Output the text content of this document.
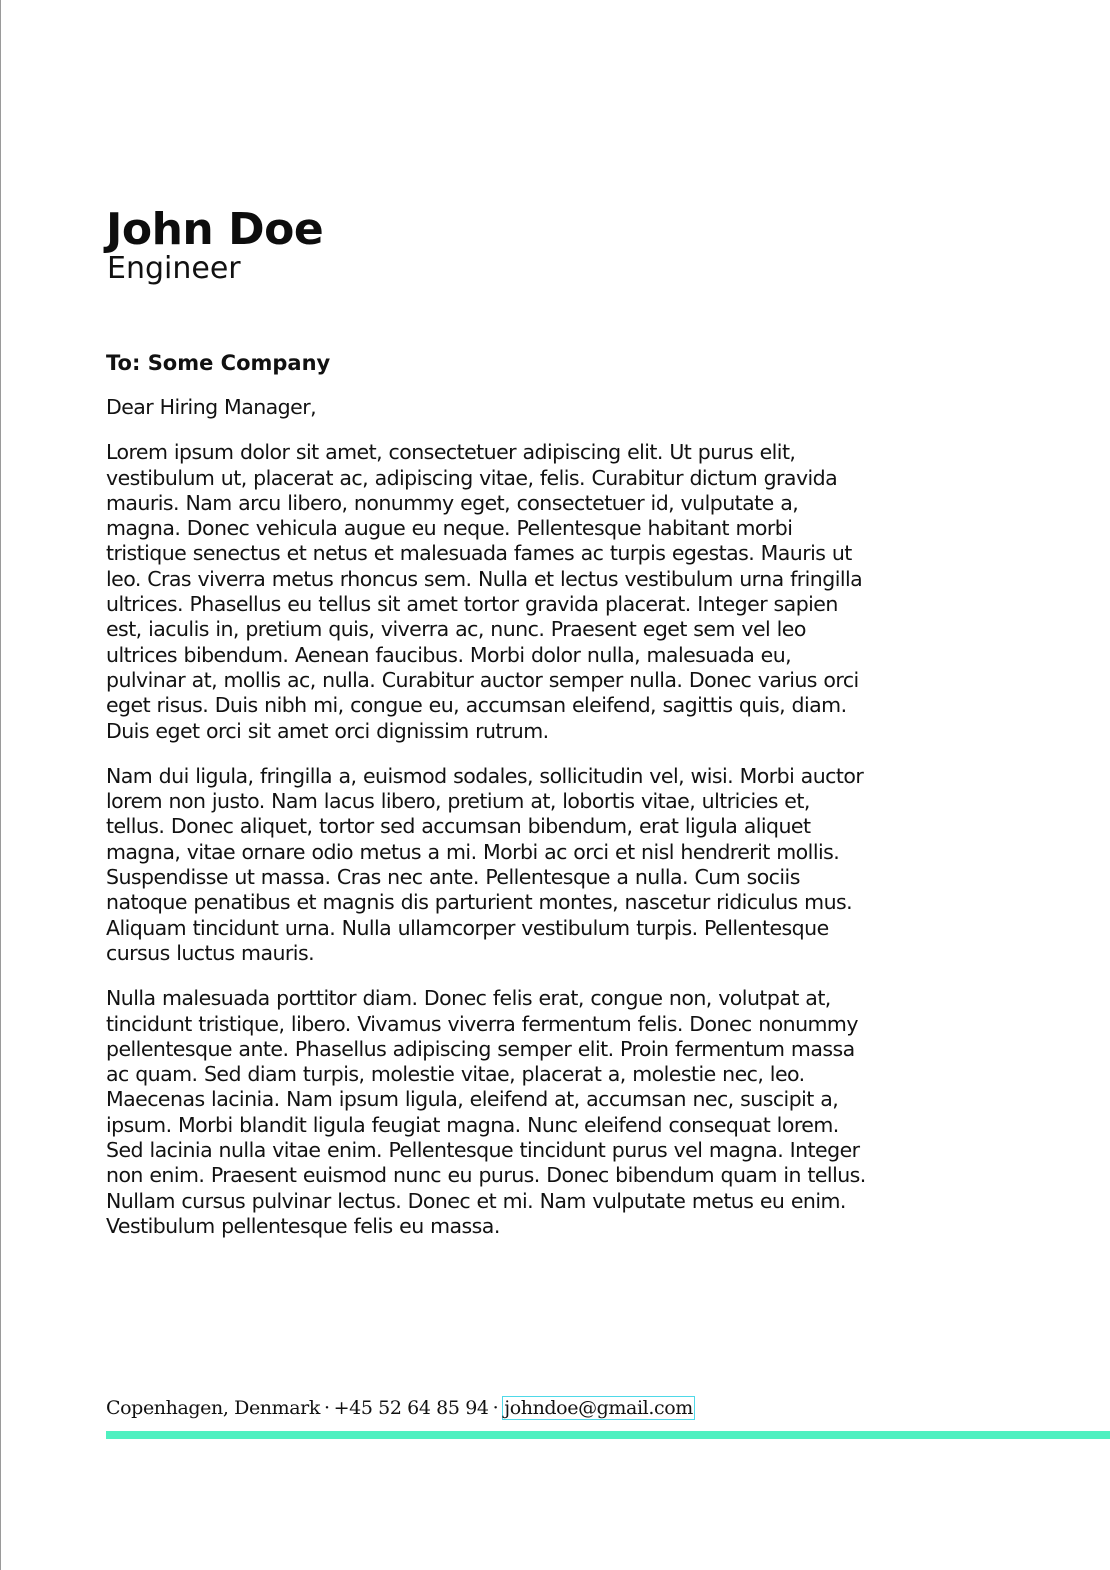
John Doe
Engineer
To: Some Company

Dear Hiring Manager,

Lorem ipsum dolor sit amet, consectetuer adipiscing elit. Ut purus elit, vestibulum ut, placerat ac, adipiscing vitae, felis. Curabitur dictum gravida mauris. Nam arcu libero, nonummy eget, consectetuer id, vulputate a, magna. Donec vehicula augue eu neque. Pellentesque habitant morbi tristique senectus et netus et malesuada fames ac turpis egestas. Mauris ut leo. Cras viverra metus rhoncus sem. Nulla et lectus vestibulum urna fringilla ultrices. Phasellus eu tellus sit amet tortor gravida placerat. Integer sapien est, iaculis in, pretium quis, viverra ac, nunc. Praesent eget sem vel leo ultrices bibendum. Aenean faucibus. Morbi dolor nulla, malesuada eu, pulvinar at, mollis ac, nulla. Curabitur auctor semper nulla. Donec varius orci eget risus. Duis nibh mi, congue eu, accumsan eleifend, sagittis quis, diam. Duis eget orci sit amet orci dignissim rutrum.

Nam dui ligula, fringilla a, euismod sodales, sollicitudin vel, wisi. Morbi auctor lorem non justo. Nam lacus libero, pretium at, lobortis vitae, ultricies et, tellus. Donec aliquet, tortor sed accumsan bibendum, erat ligula aliquet magna, vitae ornare odio metus a mi. Morbi ac orci et nisl hendrerit mollis. Suspendisse ut massa. Cras nec ante. Pellentesque a nulla. Cum sociis natoque penatibus et magnis dis parturient montes, nascetur ridiculus mus. Aliquam tincidunt urna. Nulla ullamcorper vestibulum turpis. Pellentesque cursus luctus mauris.

Nulla malesuada porttitor diam. Donec felis erat, congue non, volutpat at, tincidunt tristique, libero. Vivamus viverra fermentum felis. Donec nonummy pellentesque ante. Phasellus adipiscing semper elit. Proin fermentum massa ac quam. Sed diam turpis, molestie vitae, placerat a, molestie nec, leo. Maecenas lacinia. Nam ipsum ligula, eleifend at, accumsan nec, suscipit a, ipsum. Morbi blandit ligula feugiat magna. Nunc eleifend consequat lorem. Sed lacinia nulla vitae enim. Pellentesque tincidunt purus vel magna. Integer non enim. Praesent euismod nunc eu purus. Donec bibendum quam in tellus. Nullam cursus pulvinar lectus. Donec et mi. Nam vulputate metus eu enim. Vestibulum pellentesque felis eu massa.

Copenhagen, Denmark · +45 52 64 85 94 · johndoe@gmail.com
